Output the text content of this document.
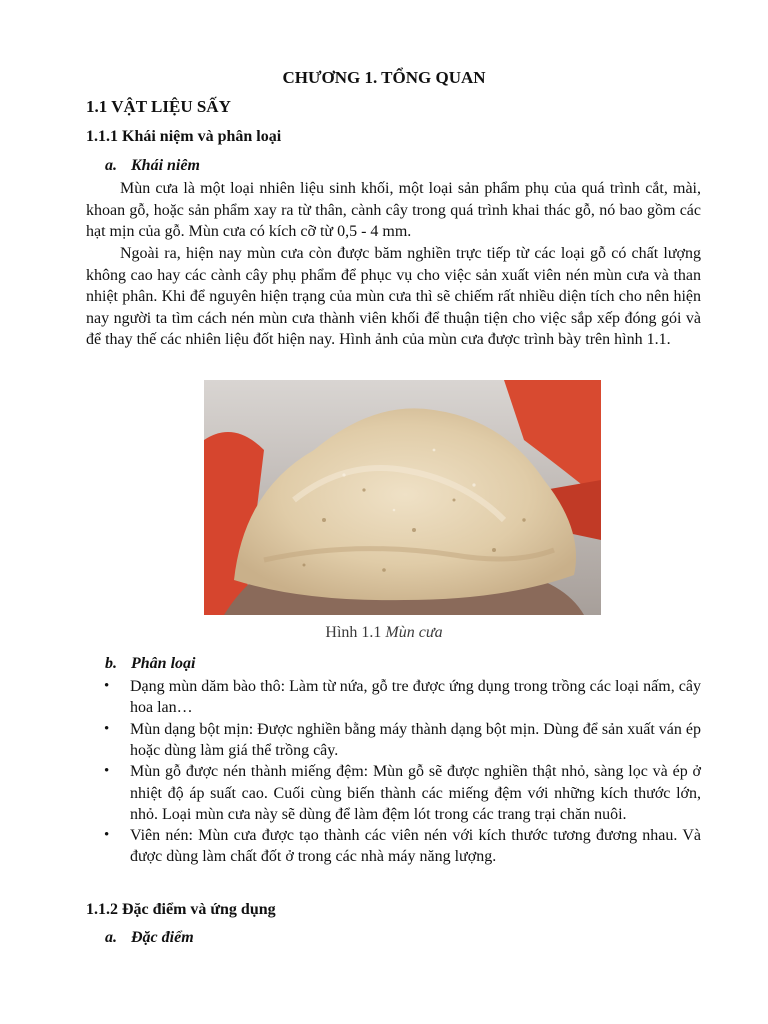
CHƯƠNG 1. TỔNG QUAN
1.1 VẬT LIỆU SẤY
1.1.1 Khái niệm và phân loại
a. Khái niêm

Mùn cưa là một loại nhiên liệu sinh khối, một loại sản phẩm phụ của quá trình cắt, mài, khoan gỗ, hoặc sản phẩm xay ra từ thân, cành cây trong quá trình khai thác gỗ, nó bao gồm các hạt mịn của gỗ. Mùn cưa có kích cỡ từ 0,5 - 4 mm.

Ngoài ra, hiện nay mùn cưa còn được băm nghiền trực tiếp từ các loại gỗ có chất lượng không cao hay các cành cây phụ phẩm để phục vụ cho việc sản xuất viên nén mùn cưa và than nhiệt phân. Khi để nguyên hiện trạng của mùn cưa thì sẽ chiếm rất nhiều diện tích cho nên hiện nay người ta tìm cách nén mùn cưa thành viên khối để thuận tiện cho việc sắp xếp đóng gói và để thay thế các nhiên liệu đốt hiện nay. Hình ảnh của mùn cưa được trình bày trên hình 1.1.

Hình 1.1 Mùn cưa
b. Phân loại
• Dạng mùn dăm bào thô: Làm từ nứa, gỗ tre được ứng dụng trong trồng các loại nấm, cây hoa lan…
• Mùn dạng bột mịn: Được nghiền bằng máy thành dạng bột mịn. Dùng để sản xuất ván ép hoặc dùng làm giá thể trồng cây.
• Mùn gỗ được nén thành miếng đệm: Mùn gỗ sẽ được nghiền thật nhỏ, sàng lọc và ép ở nhiệt độ áp suất cao. Cuối cùng biến thành các miếng đệm với những kích thước lớn, nhỏ. Loại mùn cưa này sẽ dùng để làm đệm lót trong các trang trại chăn nuôi.
• Viên nén: Mùn cưa được tạo thành các viên nén với kích thước tương đương nhau. Và được dùng làm chất đốt ở trong các nhà máy năng lượng.
1.1.2 Đặc điểm và ứng dụng
a. Đặc điểm
